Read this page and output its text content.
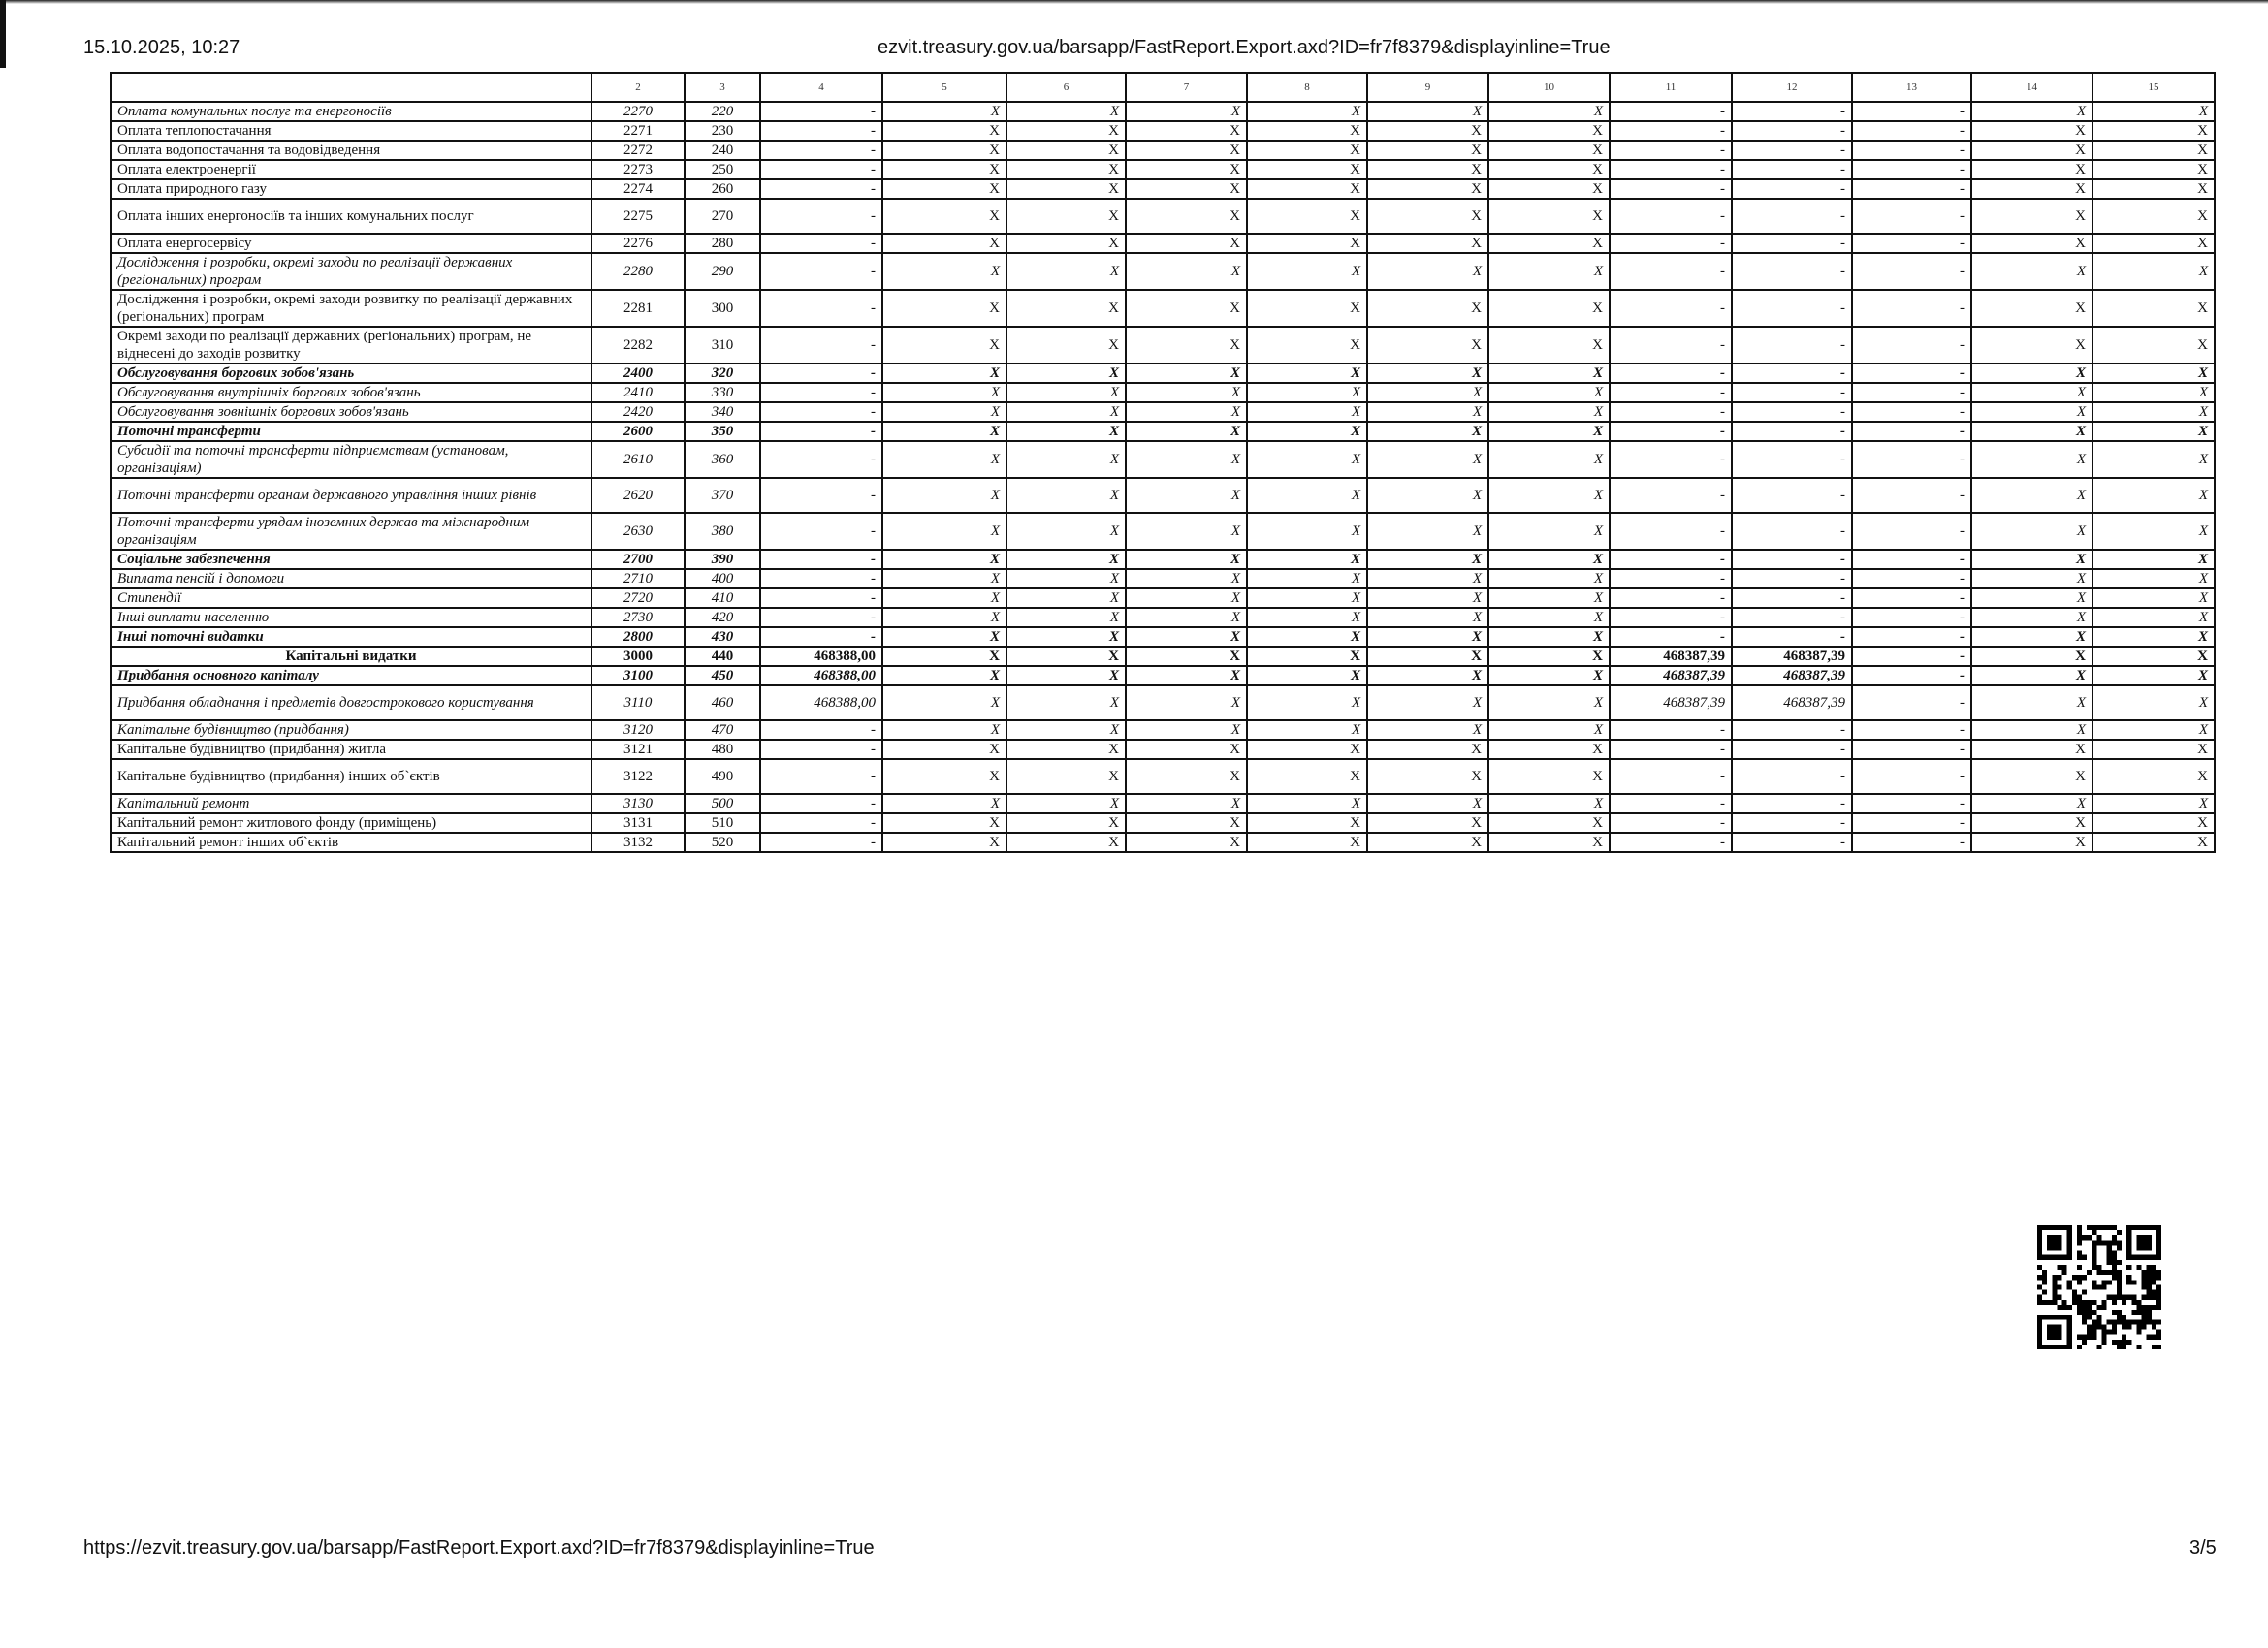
15.10.2025, 10:27	ezvit.treasury.gov.ua/barsapp/FastReport.Export.axd?ID=fr7f8379&displayinline=True
	2	3	4	5	6	7	8	9	10	11	12	13	14	15
Оплата комунальних послуг та енергоносіїв	2270	220	-	X	X	X	X	X	X	-	-	-	X	X
Оплата теплопостачання	2271	230	-	X	X	X	X	X	X	-	-	-	X	X
Оплата водопостачання та водовідведення	2272	240	-	X	X	X	X	X	X	-	-	-	X	X
Оплата електроенергії	2273	250	-	X	X	X	X	X	X	-	-	-	X	X
Оплата природного газу	2274	260	-	X	X	X	X	X	X	-	-	-	X	X
Оплата інших енергоносіїв та інших комунальних послуг	2275	270	-	X	X	X	X	X	X	-	-	-	X	X
Оплата енергосервісу	2276	280	-	X	X	X	X	X	X	-	-	-	X	X
Дослідження і розробки, окремі заходи по реалізації державних (регіональних) програм	2280	290	-	X	X	X	X	X	X	-	-	-	X	X
Дослідження і розробки, окремі заходи розвитку по реалізації державних (регіональних) програм	2281	300	-	X	X	X	X	X	X	-	-	-	X	X
Окремі заходи по реалізації державних (регіональних) програм, не віднесені до заходів розвитку	2282	310	-	X	X	X	X	X	X	-	-	-	X	X
Обслуговування боргових зобов'язань	2400	320	-	X	X	X	X	X	X	-	-	-	X	X
Обслуговування внутрішніх боргових зобов'язань	2410	330	-	X	X	X	X	X	X	-	-	-	X	X
Обслуговування зовнішніх боргових зобов'язань	2420	340	-	X	X	X	X	X	X	-	-	-	X	X
Поточні трансферти	2600	350	-	X	X	X	X	X	X	-	-	-	X	X
Субсидії та поточні трансферти підприємствам (установам, організаціям)	2610	360	-	X	X	X	X	X	X	-	-	-	X	X
Поточні трансферти органам державного управління інших рівнів	2620	370	-	X	X	X	X	X	X	-	-	-	X	X
Поточні трансферти урядам іноземних держав та міжнародним організаціям	2630	380	-	X	X	X	X	X	X	-	-	-	X	X
Соціальне забезпечення	2700	390	-	X	X	X	X	X	X	-	-	-	X	X
Виплата пенсій і допомоги	2710	400	-	X	X	X	X	X	X	-	-	-	X	X
Стипендії	2720	410	-	X	X	X	X	X	X	-	-	-	X	X
Інші виплати населенню	2730	420	-	X	X	X	X	X	X	-	-	-	X	X
Інші поточні видатки	2800	430	-	X	X	X	X	X	X	-	-	-	X	X
Капітальні видатки	3000	440	468388,00	X	X	X	X	X	X	468387,39	468387,39	-	X	X
Придбання основного капіталу	3100	450	468388,00	X	X	X	X	X	X	468387,39	468387,39	-	X	X
Придбання обладнання і предметів довгострокового користування	3110	460	468388,00	X	X	X	X	X	X	468387,39	468387,39	-	X	X
Капітальне будівництво (придбання)	3120	470	-	X	X	X	X	X	X	-	-	-	X	X
Капітальне будівництво (придбання) житла	3121	480	-	X	X	X	X	X	X	-	-	-	X	X
Капітальне будівництво (придбання) інших об`єктів	3122	490	-	X	X	X	X	X	X	-	-	-	X	X
Капітальний ремонт	3130	500	-	X	X	X	X	X	X	-	-	-	X	X
Капітальний ремонт житлового фонду (приміщень)	3131	510	-	X	X	X	X	X	X	-	-	-	X	X
Капітальний ремонт інших об`єктів	3132	520	-	X	X	X	X	X	X	-	-	-	X	X
https://ezvit.treasury.gov.ua/barsapp/FastReport.Export.axd?ID=fr7f8379&displayinline=True	3/5
